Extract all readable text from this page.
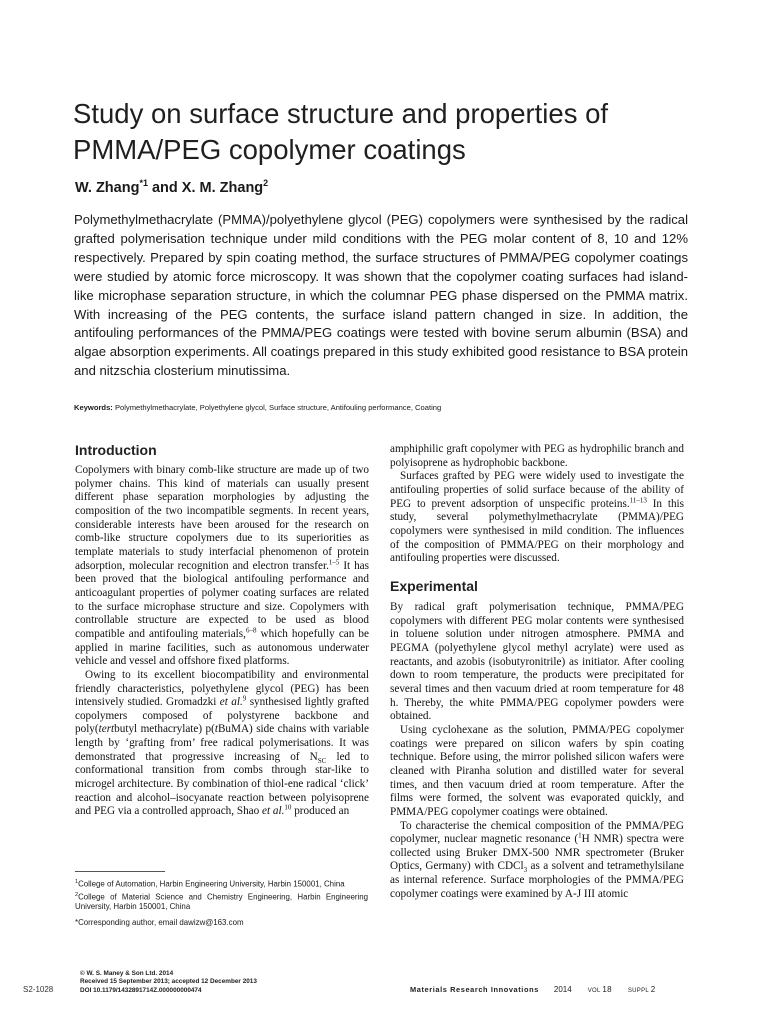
Study on surface structure and properties of PMMA/PEG copolymer coatings
W. Zhang$^{*1}$ and X. M. Zhang$^2$
Polymethylmethacrylate (PMMA)/polyethylene glycol (PEG) copolymers were synthesised by the radical grafted polymerisation technique under mild conditions with the PEG molar content of 8, 10 and 12% respectively. Prepared by spin coating method, the surface structures of PMMA/PEG copolymer coatings were studied by atomic force microscopy. It was shown that the copolymer coating surfaces had island-like microphase separation structure, in which the columnar PEG phase dispersed on the PMMA matrix. With increasing of the PEG contents, the surface island pattern changed in size. In addition, the antifouling performances of the PMMA/PEG coatings were tested with bovine serum albumin (BSA) and algae absorption experiments. All coatings prepared in this study exhibited good resistance to BSA protein and nitzschia closterium minutissima.
Keywords: Polymethylmethacrylate, Polyethylene glycol, Surface structure, Antifouling performance, Coating
Introduction

Copolymers with binary comb-like structure are made up of two polymer chains. This kind of materials can usually present different phase separation morphologies by adjusting the composition of the two incompatible segments. In recent years, considerable interests have been aroused for the research on comb-like structure copolymers due to its superiorities as template materials to study interfacial phenomenon of protein adsorption, molecular recognition and electron transfer.$^{1-5}$ It has been proved that the biological antifouling performance and anticoagulant properties of polymer coating surfaces are related to the surface microphase structure and size. Copolymers with controllable structure are expected to be used as blood compatible and antifouling materials,$^{6-8}$ which hopefully can be applied in marine facilities, such as autonomous underwater vehicle and vessel and offshore fixed platforms.

Owing to its excellent biocompatibility and environmental friendly characteristics, polyethylene glycol (PEG) has been intensively studied. Gromadzki et al.$^9$ synthesised lightly grafted copolymers composed of polystyrene backbone and poly(tertbutyl methacrylate) p(tBuMA) side chains with variable length by ‘grafting from’ free radical polymerisations. It was demonstrated that progressive increasing of $N_{SC}$ led to conformational transition from combs through star-like to microgel architecture. By combination of thiol-ene radical ‘click’ reaction and alcohol–isocyanate reaction between polyisoprene and PEG via a controlled approach, Shao et al.$^{10}$ produced an

amphiphilic graft copolymer with PEG as hydrophilic branch and polyisoprene as hydrophobic backbone.

Surfaces grafted by PEG were widely used to investigate the antifouling properties of solid surface because of the ability of PEG to prevent adsorption of unspecific proteins.$^{11-13}$ In this study, several polymethylmethacrylate (PMMA)/PEG copolymers were synthesised in mild condition. The influences of the composition of PMMA/PEG on their morphology and antifouling properties were discussed.

Experimental

By radical graft polymerisation technique, PMMA/PEG copolymers with different PEG molar contents were synthesised in toluene solution under nitrogen atmosphere. PMMA and PEGMA (polyethylene glycol methyl acrylate) were used as reactants, and azobis (isobutyronitrile) as initiator. After cooling down to room temperature, the products were precipitated for several times and then vacuum dried at room temperature for 48 h. Thereby, the white PMMA/PEG copolymer powders were obtained.

Using cyclohexane as the solution, PMMA/PEG copolymer coatings were prepared on silicon wafers by spin coating technique. Before using, the mirror polished silicon wafers were cleaned with Piranha solution and distilled water for several times, and then vacuum dried at room temperature. After the films were formed, the solvent was evaporated quickly, and PMMA/PEG copolymer coatings were obtained.

To characterise the chemical composition of the PMMA/PEG copolymer, nuclear magnetic resonance ($^1$H NMR) spectra were collected using Bruker DMX-500 NMR spectrometer (Bruker Optics, Germany) with CDCl$_3$ as a solvent and tetramethylsilane as internal reference. Surface morphologies of the PMMA/PEG copolymer coatings were examined by A-J III atomic

$^1$College of Automation, Harbin Engineering University, Harbin 150001, China
$^2$College of Material Science and Chemistry Engineering, Harbin Engineering University, Harbin 150001, China
*Corresponding author, email dawizw@163.com
© W. S. Maney & Son Ltd. 2014
Received 15 September 2013; accepted 12 December 2013
DOI 10.1179/1432891714Z.000000000474
S2-1028	Materials Research Innovations 2014	VOL 18	SUPPL 2
